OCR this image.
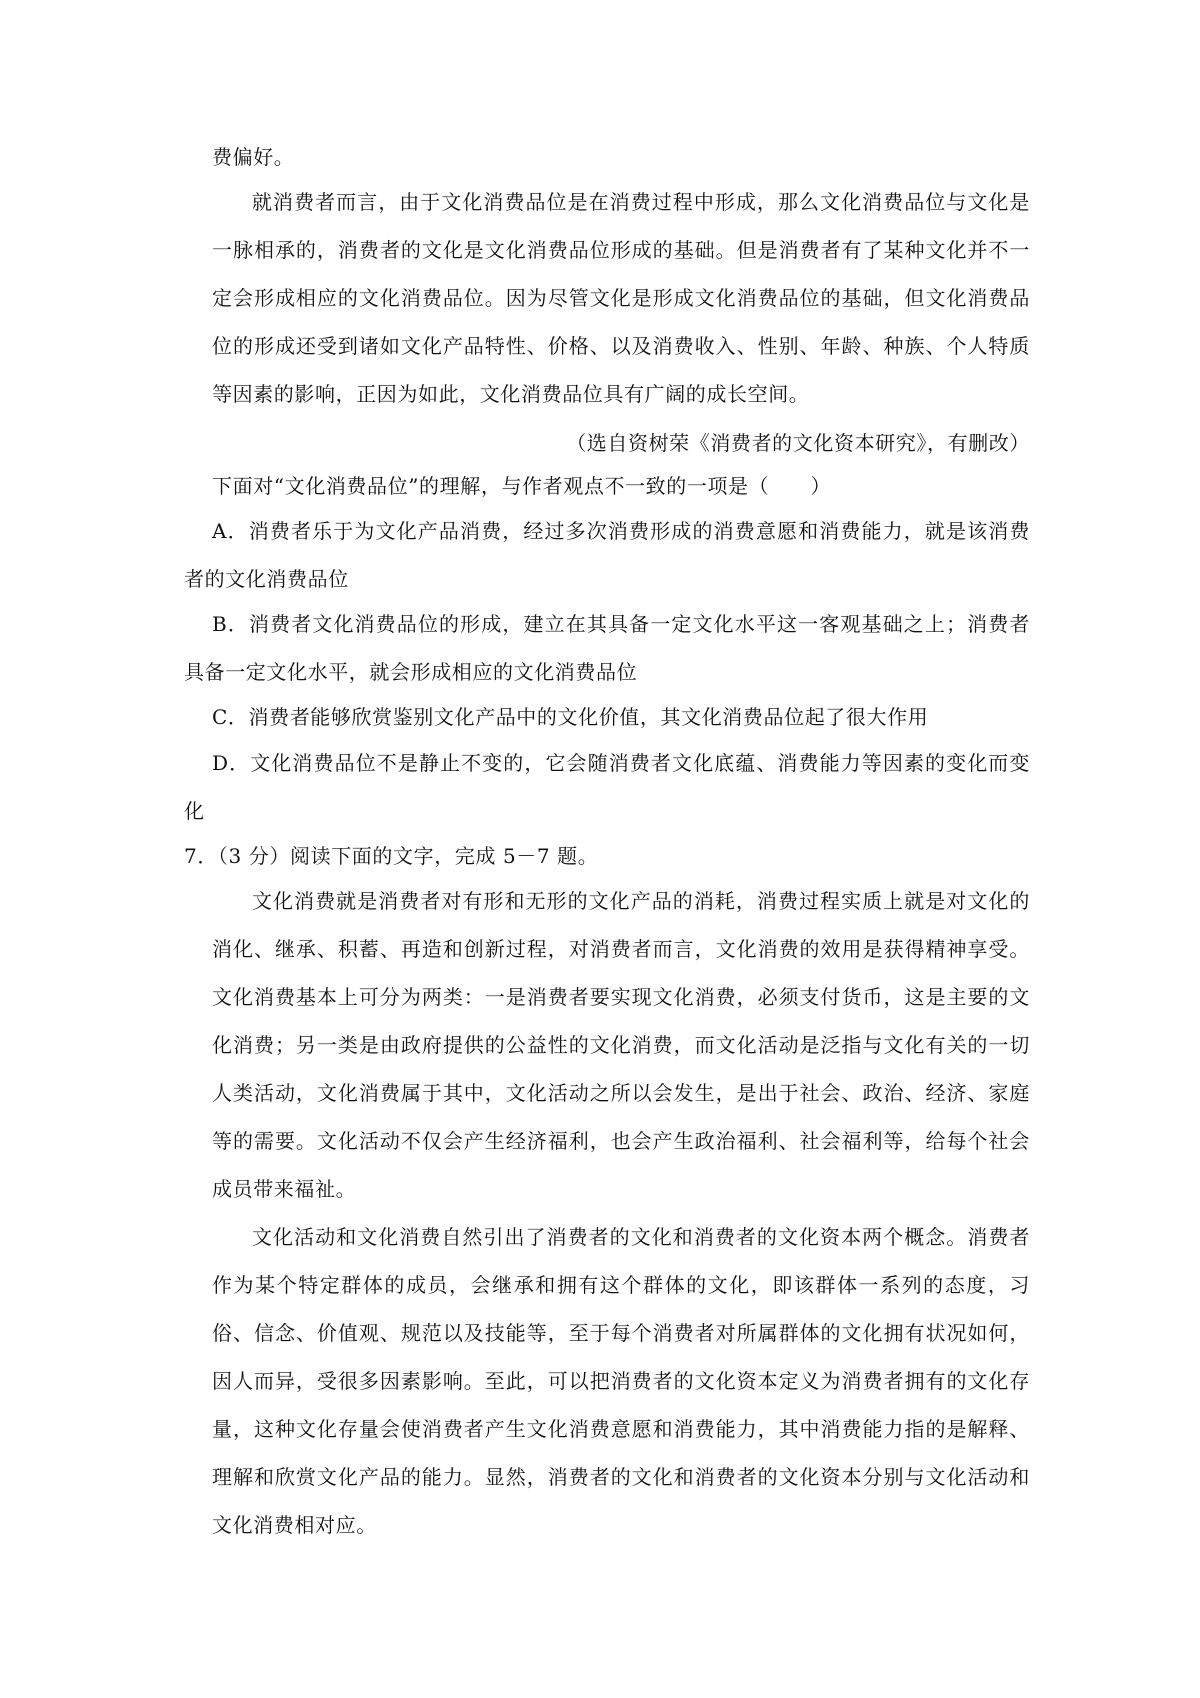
费偏好。

就消费者而言，由于文化消费品位是在消费过程中形成，那么文化消费品位与文化是一脉相承的，消费者的文化是文化消费品位形成的基础。但是消费者有了某种文化并不一定会形成相应的文化消费品位。因为尽管文化是形成文化消费品位的基础，但文化消费品位的形成还受到诸如文化产品特性、价格、以及消费收入、性别、年龄、种族、个人特质等因素的影响，正因为如此，文化消费品位具有广阔的成长空间。

（选自资树荣《消费者的文化资本研究》，有删改）

下面对“文化消费品位”的理解，与作者观点不一致的一项是（　　）

A．消费者乐于为文化产品消费，经过多次消费形成的消费意愿和消费能力，就是该消费者的文化消费品位

B．消费者文化消费品位的形成，建立在其具备一定文化水平这一客观基础之上；消费者具备一定文化水平，就会形成相应的文化消费品位

C．消费者能够欣赏鉴别文化产品中的文化价值，其文化消费品位起了很大作用

D．文化消费品位不是静止不变的，它会随消费者文化底蕴、消费能力等因素的变化而变化

7．（3 分）阅读下面的文字，完成 5－7 题。

文化消费就是消费者对有形和无形的文化产品的消耗，消费过程实质上就是对文化的消化、继承、积蓄、再造和创新过程，对消费者而言，文化消费的效用是获得精神享受。文化消费基本上可分为两类：一是消费者要实现文化消费，必须支付货币，这是主要的文化消费；另一类是由政府提供的公益性的文化消费，而文化活动是泛指与文化有关的一切人类活动，文化消费属于其中，文化活动之所以会发生，是出于社会、政治、经济、家庭等的需要。文化活动不仅会产生经济福利，也会产生政治福利、社会福利等，给每个社会成员带来福祉。

文化活动和文化消费自然引出了消费者的文化和消费者的文化资本两个概念。消费者作为某个特定群体的成员，会继承和拥有这个群体的文化，即该群体一系列的态度，习俗、信念、价值观、规范以及技能等，至于每个消费者对所属群体的文化拥有状况如何，因人而异，受很多因素影响。至此，可以把消费者的文化资本定义为消费者拥有的文化存量，这种文化存量会使消费者产生文化消费意愿和消费能力，其中消费能力指的是解释、理解和欣赏文化产品的能力。显然，消费者的文化和消费者的文化资本分别与文化活动和文化消费相对应。
